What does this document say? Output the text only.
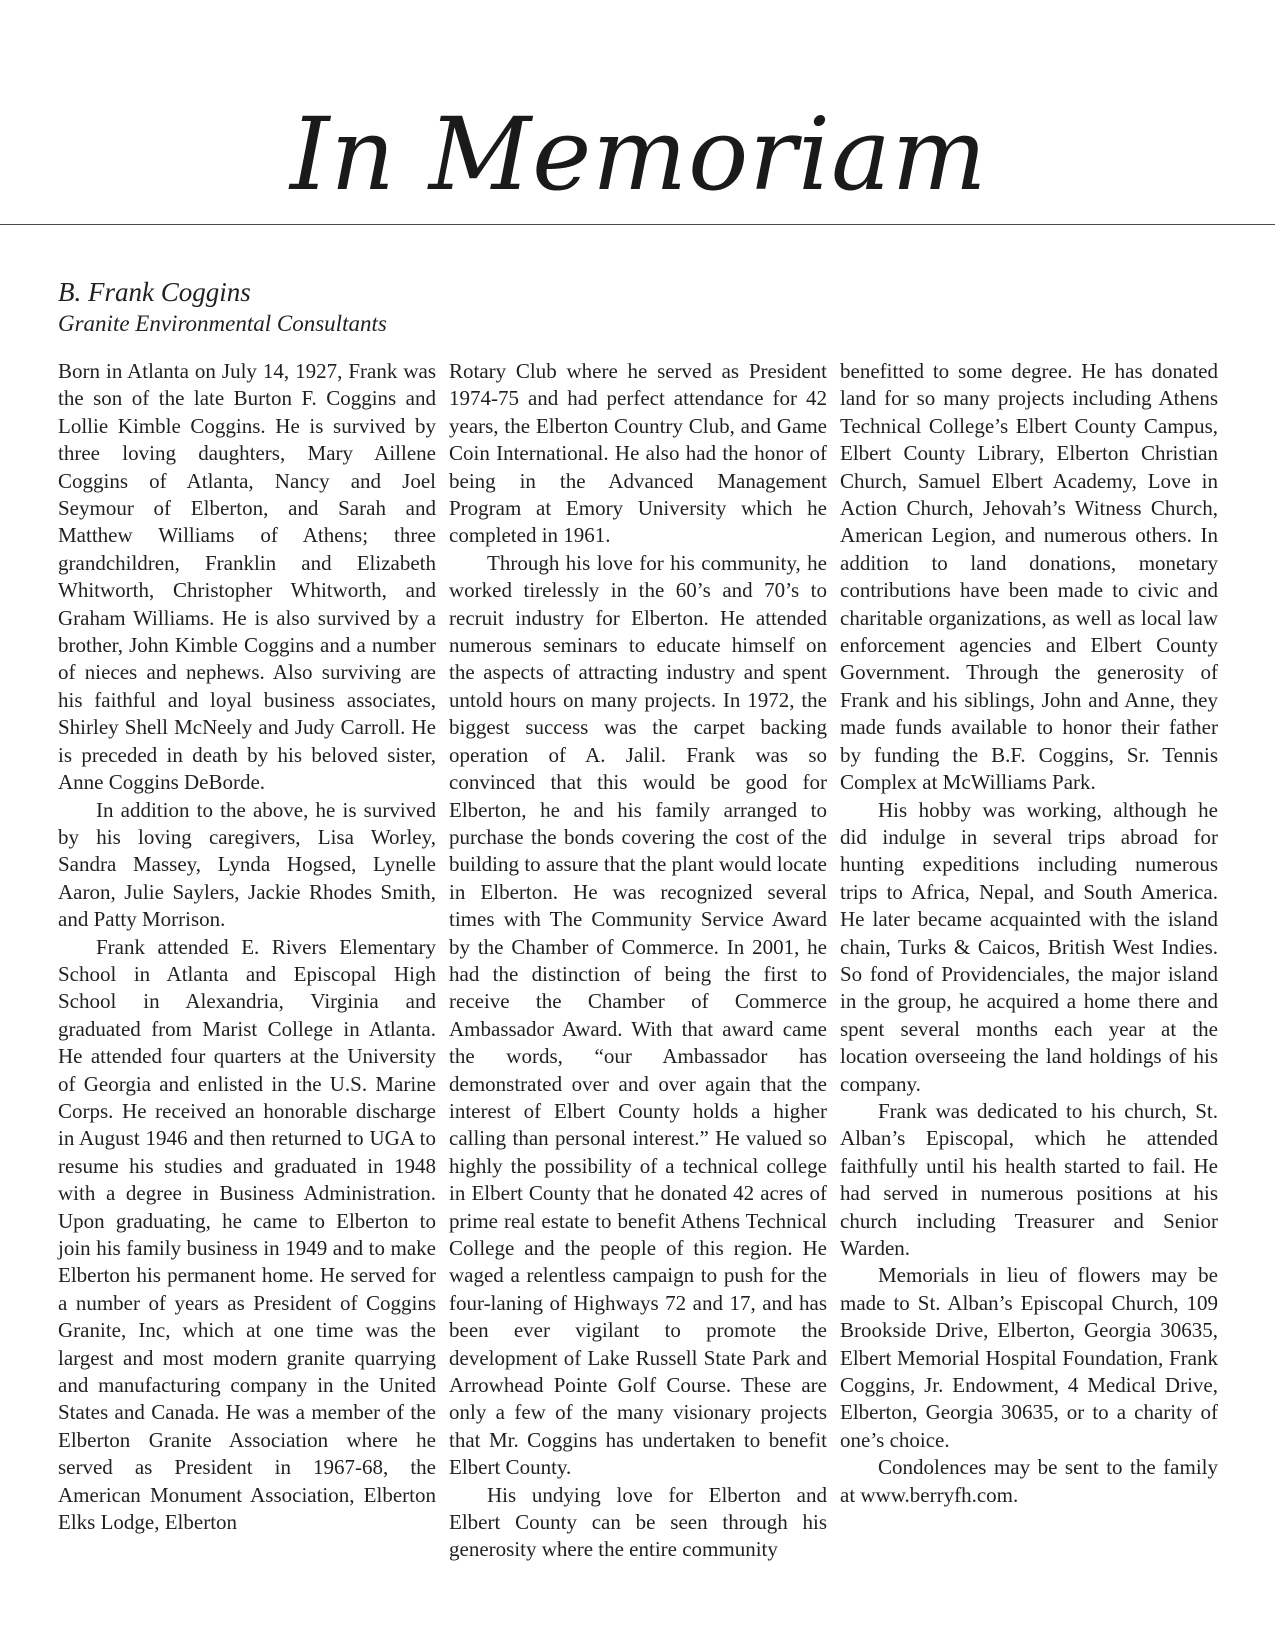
In Memoriam

B. Frank Coggins

Granite Environmental Consultants

Born in Atlanta on July 14, 1927, Frank was the son of the late Burton F. Coggins and Lollie Kimble Coggins. He is survived by three loving daughters, Mary Aillene Coggins of Atlanta, Nancy and Joel Seymour of Elberton, and Sarah and Matthew Williams of Athens; three grandchildren, Franklin and Elizabeth Whitworth, Christopher Whitworth, and Graham Williams. He is also survived by a brother, John Kimble Coggins and a number of nieces and nephews. Also surviving are his faithful and loyal business associates, Shirley Shell McNeely and Judy Carroll. He is preceded in death by his beloved sister, Anne Coggins DeBorde.

In addition to the above, he is survived by his loving caregivers, Lisa Worley, Sandra Massey, Lynda Hogsed, Lynelle Aaron, Julie Saylers, Jackie Rhodes Smith, and Patty Morrison.

Frank attended E. Rivers Elementary School in Atlanta and Episcopal High School in Alexandria, Virginia and graduated from Marist College in Atlanta. He attended four quarters at the University of Georgia and enlisted in the U.S. Marine Corps. He received an honorable discharge in August 1946 and then returned to UGA to resume his studies and graduated in 1948 with a degree in Business Administration. Upon graduating, he came to Elberton to join his family business in 1949 and to make Elberton his permanent home. He served for a number of years as President of Coggins Granite, Inc, which at one time was the largest and most modern granite quarrying and manufacturing company in the United States and Canada. He was a member of the Elberton Granite Association where he served as President in 1967-68, the American Monument Association, Elberton Elks Lodge, Elberton

Rotary Club where he served as President 1974-75 and had perfect attendance for 42 years, the Elberton Country Club, and Game Coin International. He also had the honor of being in the Advanced Management Program at Emory University which he completed in 1961.

Through his love for his community, he worked tirelessly in the 60’s and 70’s to recruit industry for Elberton. He attended numerous seminars to educate himself on the aspects of attracting industry and spent untold hours on many projects. In 1972, the biggest success was the carpet backing operation of A. Jalil. Frank was so convinced that this would be good for Elberton, he and his family arranged to purchase the bonds covering the cost of the building to assure that the plant would locate in Elberton. He was recognized several times with The Community Service Award by the Chamber of Commerce. In 2001, he had the distinction of being the first to receive the Chamber of Commerce Ambassador Award. With that award came the words, “our Ambassador has demonstrated over and over again that the interest of Elbert County holds a higher calling than personal interest.” He valued so highly the possibility of a technical college in Elbert County that he donated 42 acres of prime real estate to benefit Athens Technical College and the people of this region. He waged a relentless campaign to push for the four-laning of Highways 72 and 17, and has been ever vigilant to promote the development of Lake Russell State Park and Arrowhead Pointe Golf Course. These are only a few of the many visionary projects that Mr. Coggins has undertaken to benefit Elbert County.

His undying love for Elberton and Elbert County can be seen through his generosity where the entire community

benefitted to some degree. He has donated land for so many projects including Athens Technical College’s Elbert County Campus, Elbert County Library, Elberton Christian Church, Samuel Elbert Academy, Love in Action Church, Jehovah’s Witness Church, American Legion, and numerous others. In addition to land donations, monetary contributions have been made to civic and charitable organizations, as well as local law enforcement agencies and Elbert County Government. Through the generosity of Frank and his siblings, John and Anne, they made funds available to honor their father by funding the B.F. Coggins, Sr. Tennis Complex at McWilliams Park.

His hobby was working, although he did indulge in several trips abroad for hunting expeditions including numerous trips to Africa, Nepal, and South America. He later became acquainted with the island chain, Turks & Caicos, British West Indies. So fond of Providenciales, the major island in the group, he acquired a home there and spent several months each year at the location overseeing the land holdings of his company.

Frank was dedicated to his church, St. Alban’s Episcopal, which he attended faithfully until his health started to fail. He had served in numerous positions at his church including Treasurer and Senior Warden.

Memorials in lieu of flowers may be made to St. Alban’s Episcopal Church, 109 Brookside Drive, Elberton, Georgia 30635, Elbert Memorial Hospital Foundation, Frank Coggins, Jr. Endowment, 4 Medical Drive, Elberton, Georgia 30635, or to a charity of one’s choice.

Condolences may be sent to the family at www.berryfh.com.
